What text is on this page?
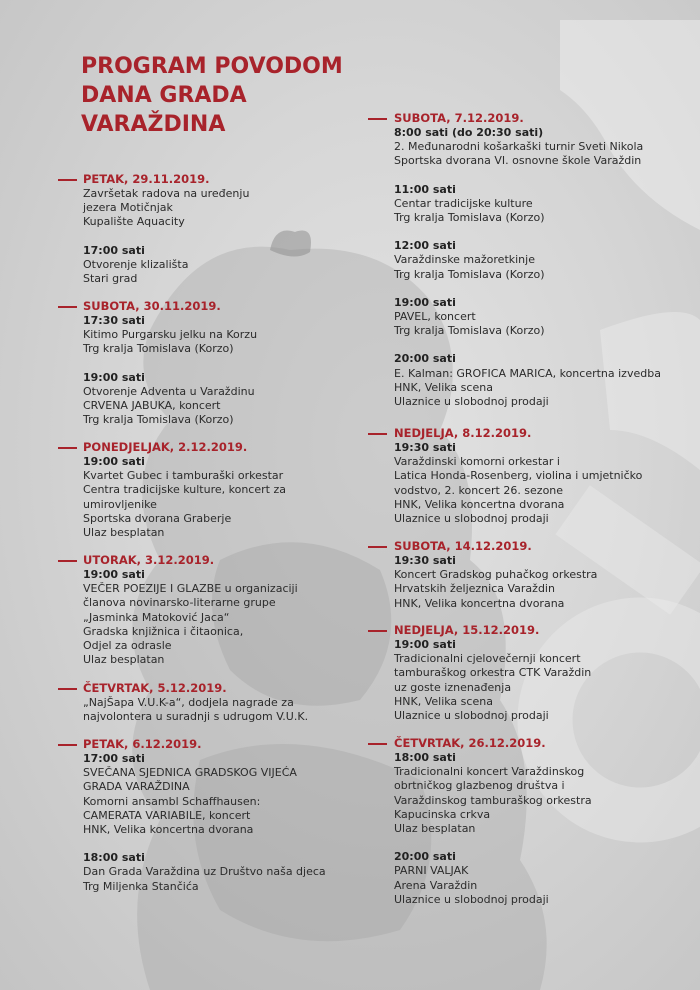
PROGRAM POVODOM
DANA GRADA
VARAŽDINA
PETAK, 29.11.2019.
Završetak radova na uređenju
jezera Motičnjak
Kupalište Aquacity
17:00 sati
Otvorenje klizališta
Stari grad
SUBOTA, 30.11.2019.
17:30 sati
Kitimo Purgarsku jelku na Korzu
Trg kralja Tomislava (Korzo)
19:00 sati
Otvorenje Adventa u Varaždinu
CRVENA JABUKA, koncert
Trg kralja Tomislava (Korzo)
PONEDJELJAK, 2.12.2019.
19:00 sati
Kvartet Gubec i tamburaški orkestar
Centra tradicijske kulture, koncert za
umirovljenike
Sportska dvorana Graberje
Ulaz besplatan
UTORAK, 3.12.2019.
19:00 sati
VEČER POEZIJE I GLAZBE u organizaciji
članova novinarsko-literarne grupe
„Jasminka Matoković Jaca“
Gradska knjižnica i čitaonica,
Odjel za odrasle
Ulaz besplatan
ČETVRTAK, 5.12.2019.
„NajŠapa V.U.K-a“, dodjela nagrade za
najvolontera u suradnji s udrugom V.U.K.
PETAK, 6.12.2019.
17:00 sati
SVEČANA SJEDNICA GRADSKOG VIJEĆA
GRADA VARAŽDINA
Komorni ansambl Schaffhausen:
CAMERATA VARIABILE, koncert
HNK, Velika koncertna dvorana
18:00 sati
Dan Grada Varaždina uz Društvo naša djeca
Trg Miljenka Stančića
SUBOTA, 7.12.2019.
8:00 sati (do 20:30 sati)
2. Međunarodni košarkaški turnir Sveti Nikola
Sportska dvorana VI. osnovne škole Varaždin
11:00 sati
Centar tradicijske kulture
Trg kralja Tomislava (Korzo)
12:00 sati
Varaždinske mažoretkinje
Trg kralja Tomislava (Korzo)
19:00 sati
PAVEL, koncert
Trg kralja Tomislava (Korzo)
20:00 sati
E. Kalman: GROFICA MARICA, koncertna izvedba
HNK, Velika scena
Ulaznice u slobodnoj prodaji
NEDJELJA, 8.12.2019.
19:30 sati
Varaždinski komorni orkestar i
Latica Honda-Rosenberg, violina i umjetničko
vodstvo, 2. koncert 26. sezone
HNK, Velika koncertna dvorana
Ulaznice u slobodnoj prodaji
SUBOTA, 14.12.2019.
19:30 sati
Koncert Gradskog puhačkog orkestra
Hrvatskih željeznica Varaždin
HNK, Velika koncertna dvorana
NEDJELJA, 15.12.2019.
19:00 sati
Tradicionalni cjelovečernji koncert
tamburaškog orkestra CTK Varaždin
uz goste iznenađenja
HNK, Velika scena
Ulaznice u slobodnoj prodaji
ČETVRTAK, 26.12.2019.
18:00 sati
Tradicionalni koncert Varaždinskog
obrtničkog glazbenog društva i
Varaždinskog tamburaškog orkestra
Kapucinska crkva
Ulaz besplatan
20:00 sati
PARNI VALJAK
Arena Varaždin
Ulaznice u slobodnoj prodaji
